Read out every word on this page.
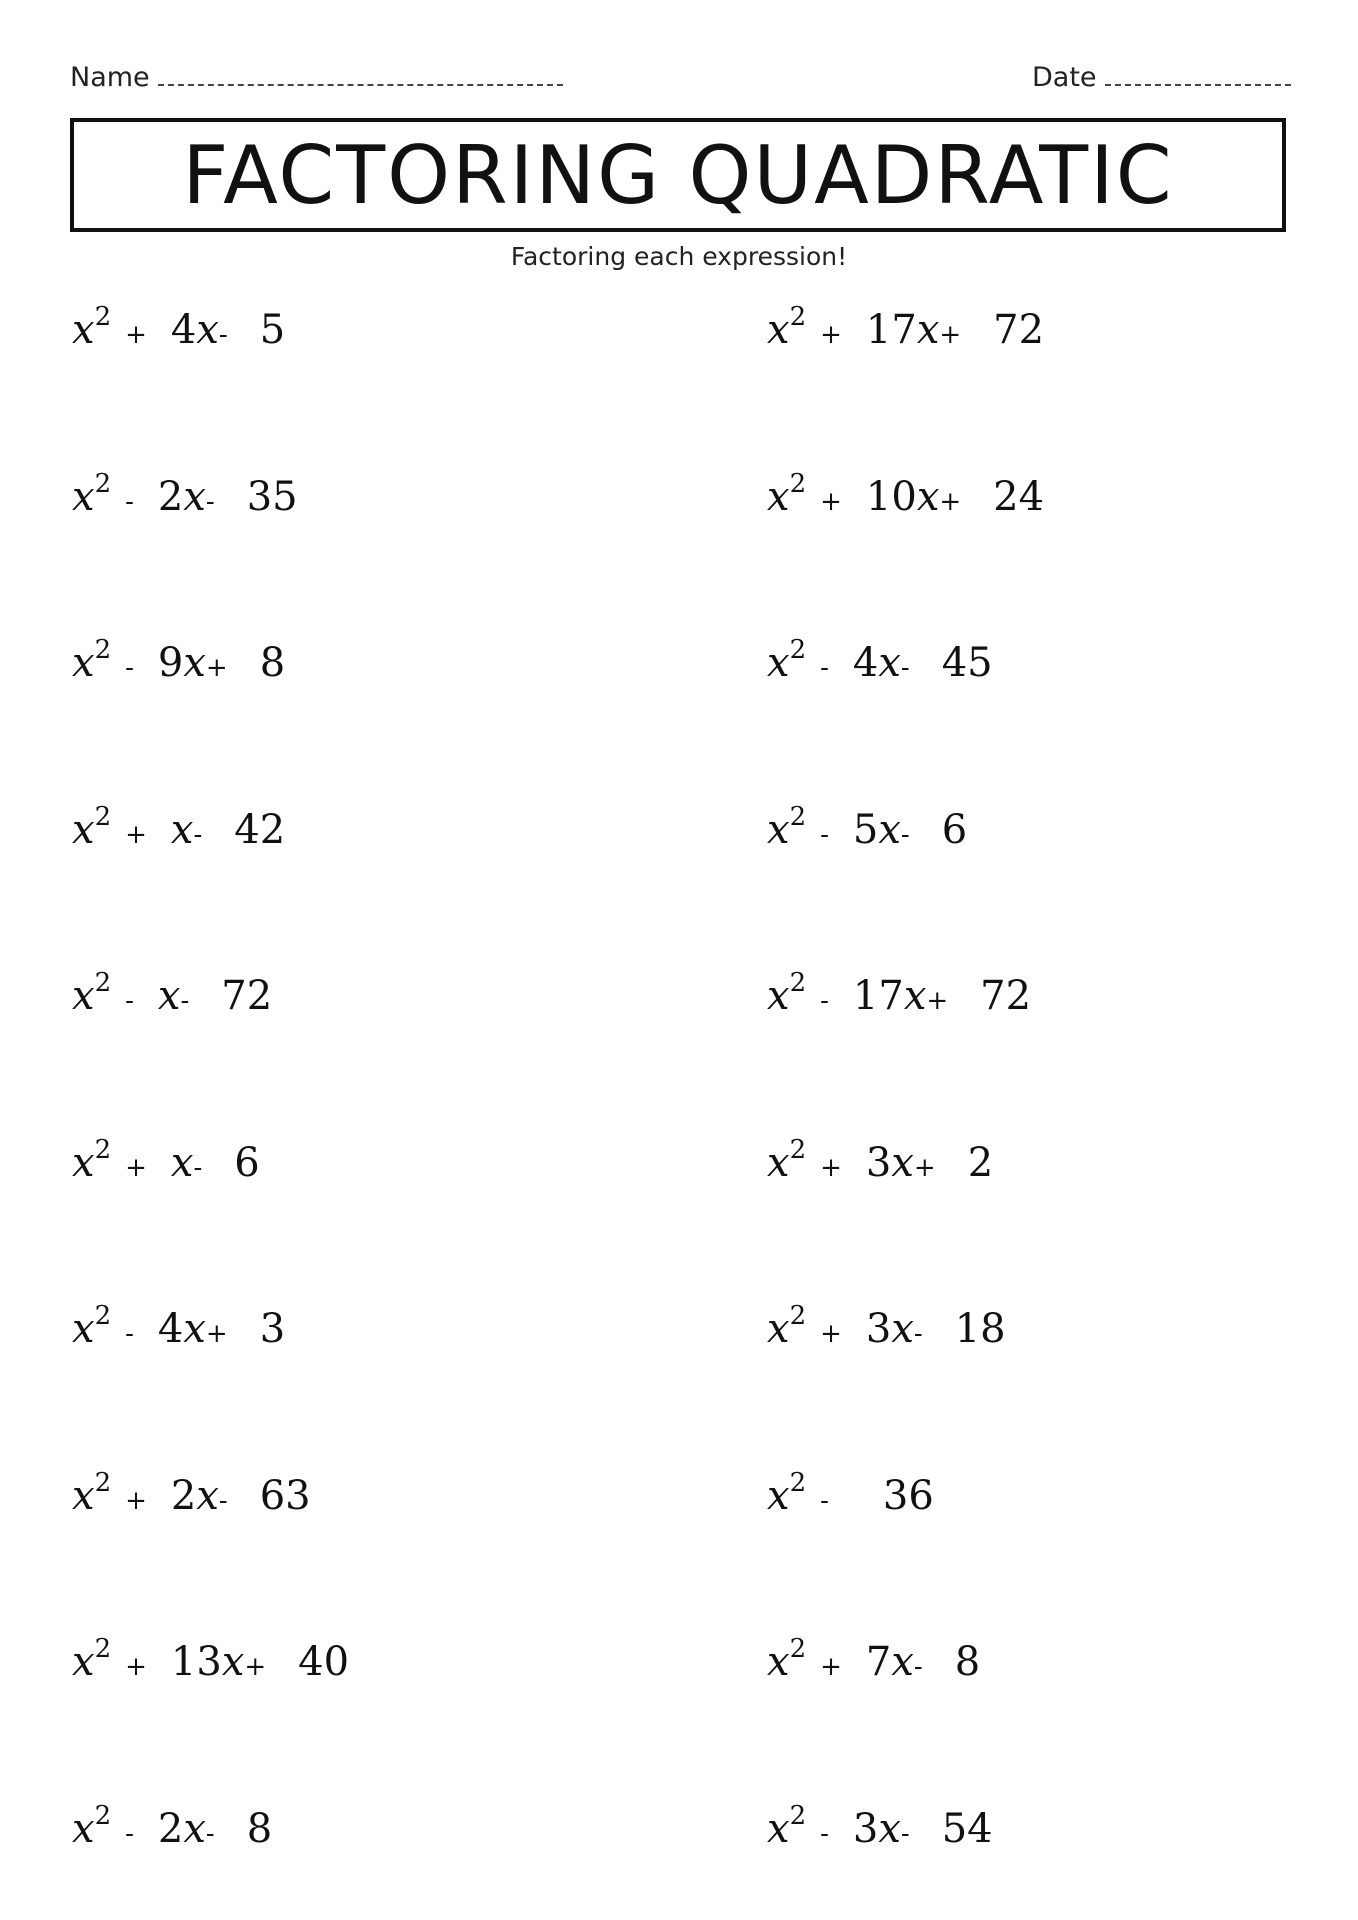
Name	Date
FACTORING QUADRATIC
Factoring each expression!
$x^2+ 4x-$ 5
$x^2-$ 2x- 35
$x^2-$ 9x+ 8
$x^2+ x-$ 42
$x^2-$ x- 72
$x^2+ x-$ 6
$x^2-$ 4x+ 3
$x^2+ 2x-$ 63
$x^2+ 13x+ 40$
$x^2-$ 2x- 8
$x^2+ 17x+ 72$
$x^2+ 10x+ 24$
$x^2-$ 4x- 45
$x^2-$ 5x- 6
$x^2-$ 17x+ 72
$x^2+ 3x+ 2$
$x^2+ 3x-$ 18
$x^2-$ 36
$x^2+ 7x-$ 8
$x^2-$ 3x- 54
